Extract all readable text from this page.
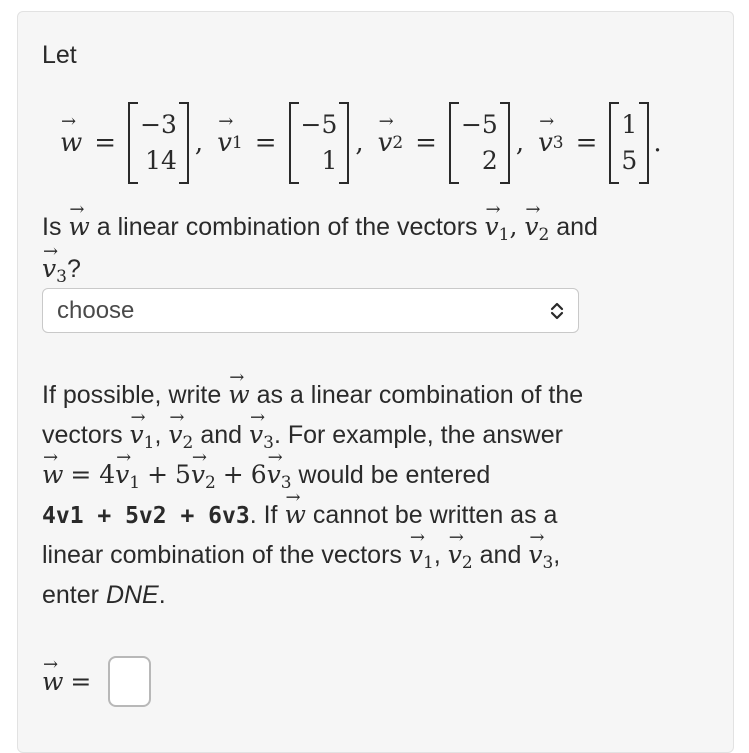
Let
→ w =
−3
14
, → v 1 =
−5
1
, → v 2 =
−5
2
, → v 3 =
1
5
.
Is → w a linear combination of the vectors → $v_1$, → $v_2$ and
→ $v_3$?
choose
If possible, write → w as a linear combination of the
vectors → $v_1$, → $v_2$ and → $v_3$. For example, the answer
→ $w = 4\to v_1 + 5\to v_2 + 6\to v_3$ would be entered
4v1 + 5v2 + 6v3. If → w cannot be written as a
linear combination of the vectors → $v_1$, → $v_2$ and → $v_3$,
enter DNE.
→ w =
